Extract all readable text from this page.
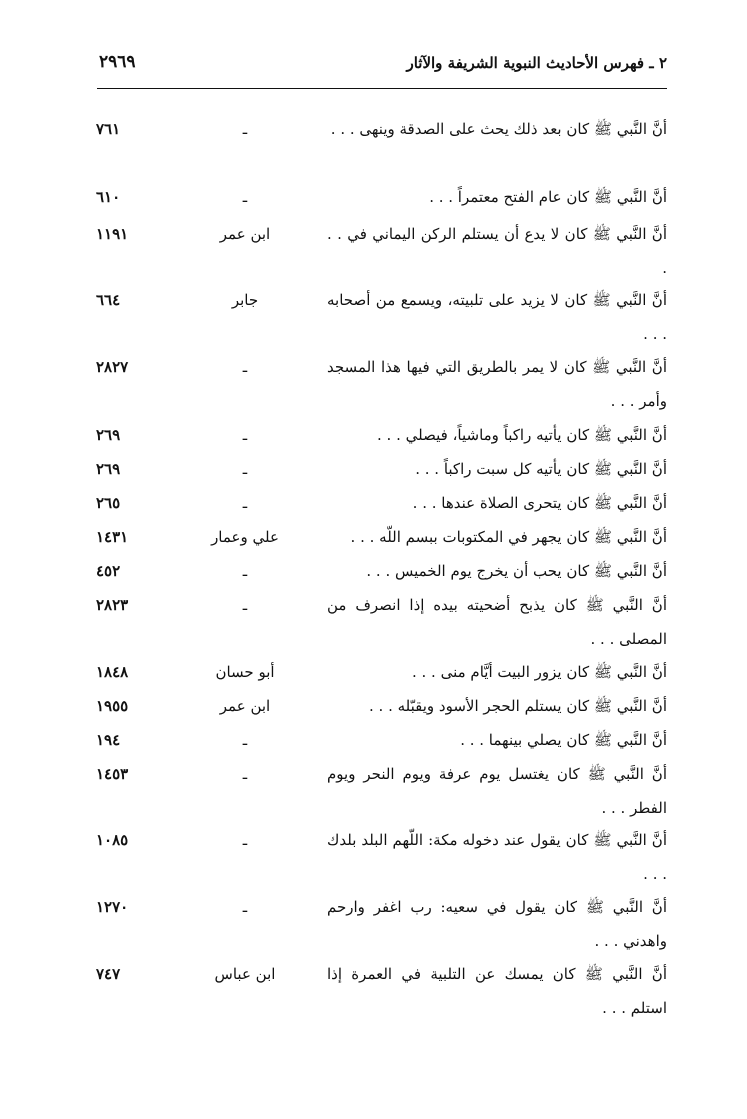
٢ ـ فهرس الأحاديث النبوية الشريفة والآثار
٢٩٦٩
أنَّ النَّبي ﷺ كان بعد ذلك يحث على الصدقة وينهى . . .
ـ
٧٦١
أنَّ النَّبي ﷺ كان عام الفتح معتمراً . . .
ـ
٦١٠
أنَّ النَّبي ﷺ كان لا يدع أن يستلم الركن اليماني في . . .
ابن عمر
١١٩١
أنَّ النَّبي ﷺ كان لا يزيد على تلبيته، ويسمع من أصحابه . . .
جابر
٦٦٤
أنَّ النَّبي ﷺ كان لا يمر بالطريق التي فيها هذا المسجد وأمر . . .
ـ
٢٨٢٧
أنَّ النَّبي ﷺ كان يأتيه راكباً وماشياً، فيصلي . . .
ـ
٢٦٩
أنَّ النَّبي ﷺ كان يأتيه كل سبت راكباً . . .
ـ
٢٦٩
أنَّ النَّبي ﷺ كان يتحرى الصلاة عندها . . .
ـ
٢٦٥
أنَّ النَّبي ﷺ كان يجهر في المكتوبات ببسم اللّه . . .
علي وعمار
١٤٣١
أنَّ النَّبي ﷺ كان يحب أن يخرج يوم الخميس . . .
ـ
٤٥٢
أنَّ النَّبي ﷺ كان يذبح أضحيته بيده إذا انصرف من المصلى . . .
ـ
٢٨٢٣
أنَّ النَّبي ﷺ كان يزور البيت أيَّام منى . . .
أبو حسان
١٨٤٨
أنَّ النَّبي ﷺ كان يستلم الحجر الأسود ويقبّله . . .
ابن عمر
١٩٥٥
أنَّ النَّبي ﷺ كان يصلي بينهما . . .
ـ
١٩٤
أنَّ النَّبي ﷺ كان يغتسل يوم عرفة ويوم النحر ويوم الفطر . . .
ـ
١٤٥٣
أنَّ النَّبي ﷺ كان يقول عند دخوله مكة: اللّهم البلد بلدك . . .
ـ
١٠٨٥
أنَّ النَّبي ﷺ كان يقول في سعيه: رب اغفر وارحم واهدني . . .
ـ
١٢٧٠
أنَّ النَّبي ﷺ كان يمسك عن التلبية في العمرة إذا استلم . . .
ابن عباس
٧٤٧
